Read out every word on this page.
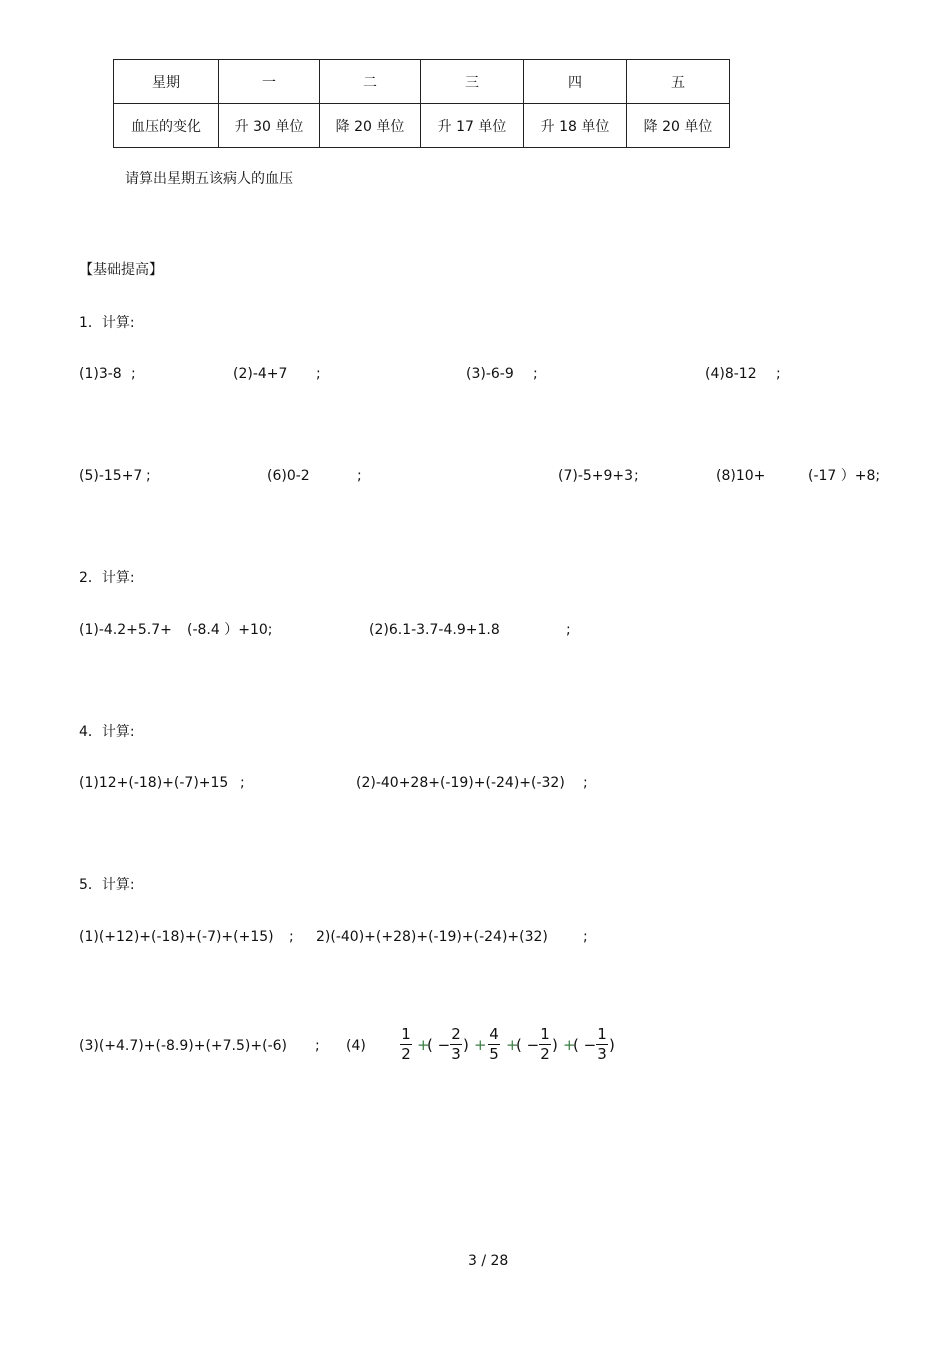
星期	一	二	三	四	五
血压的变化	升 30 单位	降 20 单位	升 17 单位	升 18 单位	降 20 单位
请算出星期五该病人的血压
【基础提高】
1．计算:
(1)3-8 ;	(2)-4+7 ;	(3)-6-9 ;	(4)8-12 ;
(5)-15+7 ;	(6)0-2	;	(7)-5+9+3 ;	(8)10+	(-17 ）+8;
2．计算:
(1)-4.2+5.7+ (-8.4 ）+10;	(2)6.1-3.7-4.9+1.8	;
4．计算:
(1)12+(-18)+(-7)+15 ;	(2)-40+28+(-19)+(-24)+(-32) ;
5．计算:
(1)(+12)+(-18)+(-7)+(+15) ; 2)(-40)+(+28)+(-19)+(-24)+(32)	;
(3)(+4.7)+(-8.9)+(+7.5)+(-6) ; (4)
1
2 +
( −
2
3 ) +
4
5 +
( −
1
2 ) +
( −
1
3 )
3 / 28
